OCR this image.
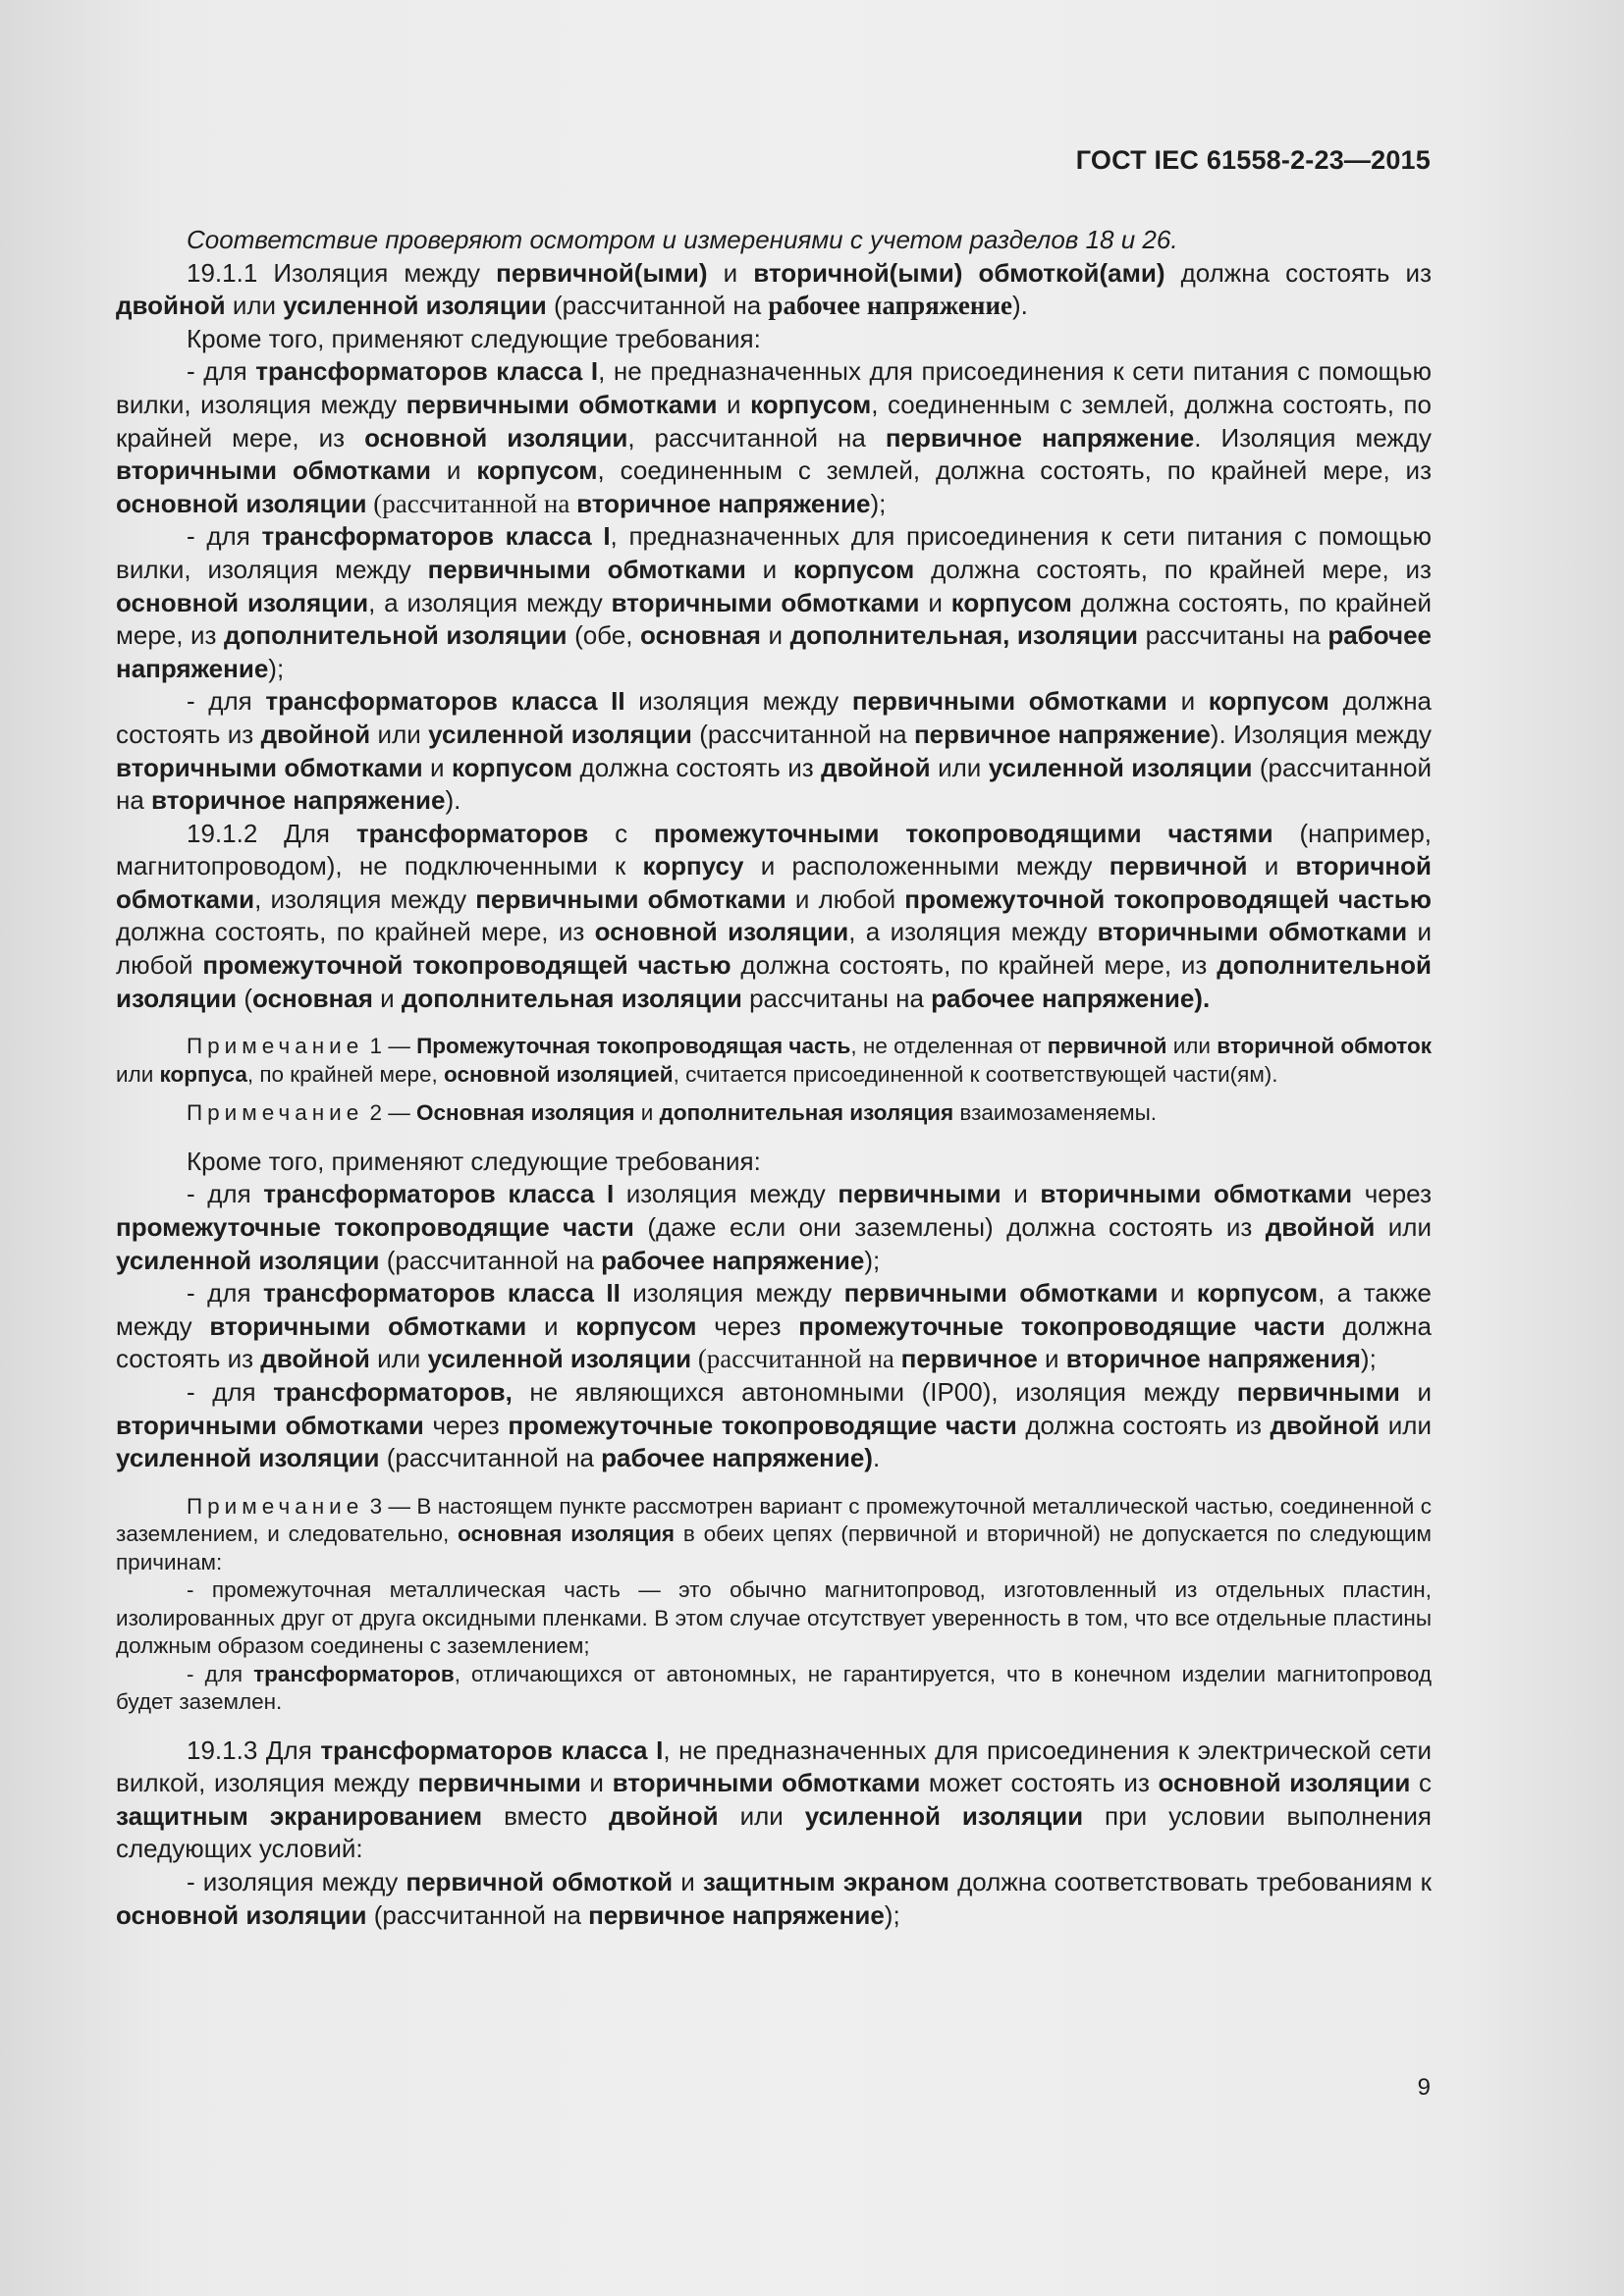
ГОСТ IEC 61558-2-23—2015

Соответствие проверяют осмотром и измерениями с учетом разделов 18 и 26.

19.1.1 Изоляция между первичной(ыми) и вторичной(ыми) обмоткой(ами) должна состоять из двойной или усиленной изоляции (рассчитанной на рабочее напряжение).

Кроме того, применяют следующие требования:

- для трансформаторов класса I, не предназначенных для присоединения к сети питания с помощью вилки, изоляция между первичными обмотками и корпусом, соединенным с землей, должна состоять, по крайней мере, из основной изоляции, рассчитанной на первичное напряжение. Изоляция между вторичными обмотками и корпусом, соединенным с землей, должна состоять, по крайней мере, из основной изоляции (рассчитанной на вторичное напряжение);

- для трансформаторов класса I, предназначенных для присоединения к сети питания с помощью вилки, изоляция между первичными обмотками и корпусом должна состоять, по крайней мере, из основной изоляции, а изоляция между вторичными обмотками и корпусом должна состоять, по крайней мере, из дополнительной изоляции (обе, основная и дополнительная, изоляции рассчитаны на рабочее напряжение);

- для трансформаторов класса II изоляция между первичными обмотками и корпусом должна состоять из двойной или усиленной изоляции (рассчитанной на первичное напряжение). Изоляция между вторичными обмотками и корпусом должна состоять из двойной или усиленной изоляции (рассчитанной на вторичное напряжение).

19.1.2 Для трансформаторов с промежуточными токопроводящими частями (например, магнитопроводом), не подключенными к корпусу и расположенными между первичной и вторичной обмотками, изоляция между первичными обмотками и любой промежуточной токопроводящей частью должна состоять, по крайней мере, из основной изоляции, а изоляция между вторичными обмотками и любой промежуточной токопроводящей частью должна состоять, по крайней мере, из дополнительной изоляции (основная и дополнительная изоляции рассчитаны на рабочее напряжение).

Примечание 1 — Промежуточная токопроводящая часть, не отделенная от первичной или вторичной обмоток или корпуса, по крайней мере, основной изоляцией, считается присоединенной к соответствующей части(ям).

Примечание 2 — Основная изоляция и дополнительная изоляция взаимозаменяемы.

Кроме того, применяют следующие требования:

- для трансформаторов класса I изоляция между первичными и вторичными обмотками через промежуточные токопроводящие части (даже если они заземлены) должна состоять из двойной или усиленной изоляции (рассчитанной на рабочее напряжение);

- для трансформаторов класса II изоляция между первичными обмотками и корпусом, а также между вторичными обмотками и корпусом через промежуточные токопроводящие части должна состоять из двойной или усиленной изоляции (рассчитанной на первичное и вторичное напряжения);

- для трансформаторов, не являющихся автономными (IP00), изоляция между первичными и вторичными обмотками через промежуточные токопроводящие части должна состоять из двойной или усиленной изоляции (рассчитанной на рабочее напряжение).

Примечание 3 — В настоящем пункте рассмотрен вариант с промежуточной металлической частью, соединенной с заземлением, и следовательно, основная изоляция в обеих цепях (первичной и вторичной) не допускается по следующим причинам:

- промежуточная металлическая часть — это обычно магнитопровод, изготовленный из отдельных пластин, изолированных друг от друга оксидными пленками. В этом случае отсутствует уверенность в том, что все отдельные пластины должным образом соединены с заземлением;

- для трансформаторов, отличающихся от автономных, не гарантируется, что в конечном изделии магнитопровод будет заземлен.

19.1.3 Для трансформаторов класса I, не предназначенных для присоединения к электрической сети вилкой, изоляция между первичными и вторичными обмотками может состоять из основной изоляции с защитным экранированием вместо двойной или усиленной изоляции при условии выполнения следующих условий:

- изоляция между первичной обмоткой и защитным экраном должна соответствовать требованиям к основной изоляции (рассчитанной на первичное напряжение);

9
